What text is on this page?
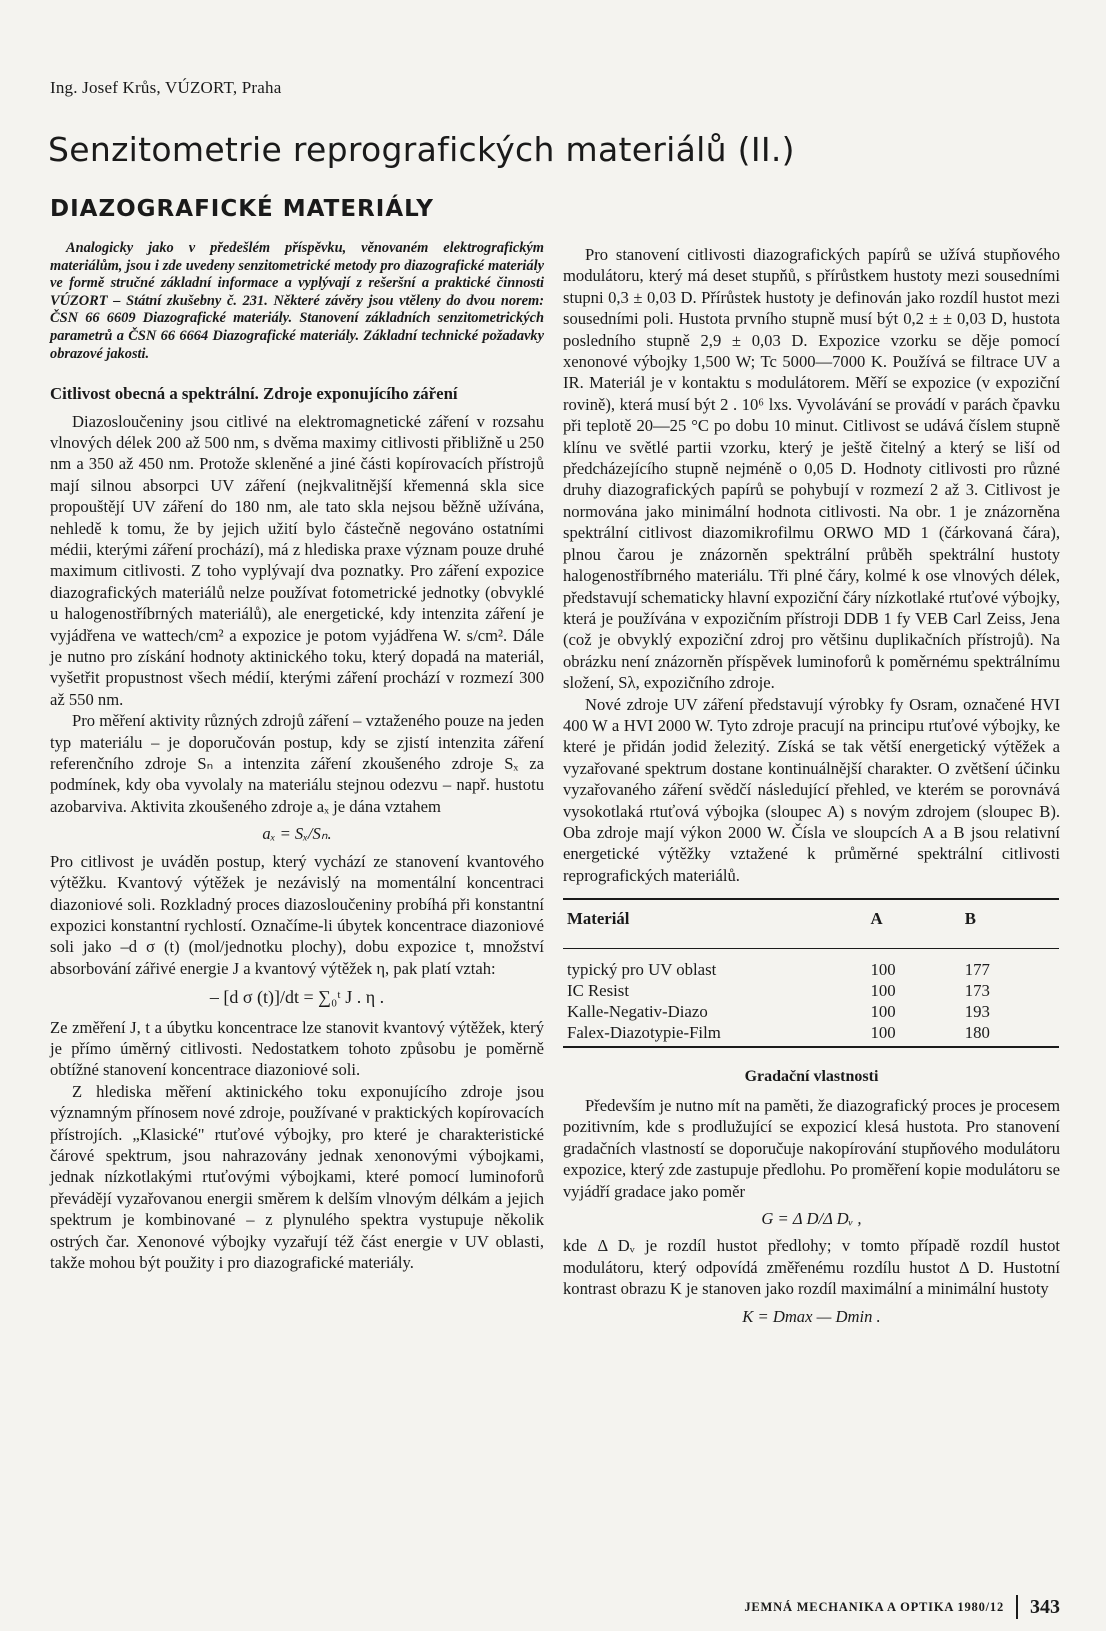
Ing. Josef Krůs, VÚZORT, Praha
Senzitometrie reprografických materiálů (II.)
DIAZOGRAFICKÉ MATERIÁLY

Analogicky jako v předešlém příspěvku, věnovaném elektrografickým materiálům, jsou i zde uvedeny senzitometrické metody pro diazografické materiály ve formě stručné základní informace a vyplývají z rešeršní a praktické činnosti VÚZORT – Státní zkušebny č. 231. Některé závěry jsou vtěleny do dvou norem: ČSN 66 6609 Diazografické materiály. Stanovení základních senzitometrických parametrů a ČSN 66 6664 Diazografické materiály. Základní technické požadavky obrazové jakosti.

Citlivost obecná a spektrální. Zdroje exponujícího záření

Diazosloučeniny jsou citlivé na elektromagnetické záření v rozsahu vlnových délek 200 až 500 nm, s dvěma maximy citlivosti přibližně u 250 nm a 350 až 450 nm. Protože skleněné a jiné části kopírovacích přístrojů mají silnou absorpci UV záření (nejkvalitnější křemenná skla sice propouštějí UV záření do 180 nm, ale tato skla nejsou běžně užívána, nehledě k tomu, že by jejich užití bylo částečně negováno ostatními médii, kterými záření prochází), má z hlediska praxe význam pouze druhé maximum citlivosti. Z toho vyplývají dva poznatky. Pro záření expozice diazografických materiálů nelze používat fotometrické jednotky (obvyklé u halogenostříbrných materiálů), ale energetické, kdy intenzita záření je vyjádřena ve wattech/cm² a expozice je potom vyjádřena W. s/cm². Dále je nutno pro získání hodnoty aktinického toku, který dopadá na materiál, vyšetřit propustnost všech médií, kterými záření prochází v rozmezí 300 až 550 nm.

Pro měření aktivity různých zdrojů záření – vztaženého pouze na jeden typ materiálu – je doporučován postup, kdy se zjistí intenzita záření referenčního zdroje Sₙ a intenzita záření zkoušeného zdroje Sₓ za podmínek, kdy oba vyvolaly na materiálu stejnou odezvu – např. hustotu azobarviva. Aktivita zkoušeného zdroje aₓ je dána vztahem

aₓ = Sₓ/Sₙ.

Pro citlivost je uváděn postup, který vychází ze stanovení kvantového výtěžku. Kvantový výtěžek je nezávislý na momentální koncentraci diazoniové soli. Rozkladný proces diazosloučeniny probíhá při konstantní expozici konstantní rychlostí. Označíme-li úbytek koncentrace diazoniové soli jako –d σ (t) (mol/jednotku plochy), dobu expozice t, množství absorbování zářivé energie J a kvantový výtěžek η, pak platí vztah:

– [d σ (t)]/dt = ∑₀ᵗ J . η .

Ze změření J, t a úbytku koncentrace lze stanovit kvantový výtěžek, který je přímo úměrný citlivosti. Nedostatkem tohoto způsobu je poměrně obtížné stanovení koncentrace diazoniové soli.

Z hlediska měření aktinického toku exponujícího zdroje jsou významným přínosem nové zdroje, používané v praktických kopírovacích přístrojích. „Klasické" rtuťové výbojky, pro které je charakteristické čárové spektrum, jsou nahrazovány jednak xenonovými výbojkami, jednak nízkotlakými rtuťovými výbojkami, které pomocí luminoforů převádějí vyzařovanou energii směrem k delším vlnovým délkám a jejich spektrum je kombinované – z plynulého spektra vystupuje několik ostrých čar. Xenonové výbojky vyzařují též část energie v UV oblasti, takže mohou být použity i pro diazografické materiály.

Pro stanovení citlivosti diazografických papírů se užívá stupňového modulátoru, který má deset stupňů, s přírůstkem hustoty mezi sousedními stupni 0,3 ± 0,03 D. Přírůstek hustoty je definován jako rozdíl hustot mezi sousedními poli. Hustota prvního stupně musí být 0,2 ± ± 0,03 D, hustota posledního stupně 2,9 ± 0,03 D. Expozice vzorku se děje pomocí xenonové výbojky 1,500 W; Tc 5000—7000 K. Používá se filtrace UV a IR. Materiál je v kontaktu s modulátorem. Měří se expozice (v expoziční rovině), která musí být 2 . 10⁶ lxs. Vyvolávání se provádí v parách čpavku při teplotě 20—25 °C po dobu 10 minut. Citlivost se udává číslem stupně klínu ve světlé partii vzorku, který je ještě čitelný a který se liší od předcházejícího stupně nejméně o 0,05 D. Hodnoty citlivosti pro různé druhy diazografických papírů se pohybují v rozmezí 2 až 3. Citlivost je normována jako minimální hodnota citlivosti. Na obr. 1 je znázorněna spektrální citlivost diazomikrofilmu ORWO MD 1 (čárkovaná čára), plnou čarou je znázorněn spektrální průběh spektrální hustoty halogenostříbrného materiálu. Tři plné čáry, kolmé k ose vlnových délek, představují schematicky hlavní expoziční čáry nízkotlaké rtuťové výbojky, která je používána v expozičním přístroji DDB 1 fy VEB Carl Zeiss, Jena (což je obvyklý expoziční zdroj pro většinu duplikačních přístrojů). Na obrázku není znázorněn příspěvek luminoforů k poměrnému spektrálnímu složení, Sλ, expozičního zdroje.

Nové zdroje UV záření představují výrobky fy Osram, označené HVI 400 W a HVI 2000 W. Tyto zdroje pracují na principu rtuťové výbojky, ke které je přidán jodid železitý. Získá se tak větší energetický výtěžek a vyzařované spektrum dostane kontinuálnější charakter. O zvětšení účinku vyzařovaného záření svědčí následující přehled, ve kterém se porovnává vysokotlaká rtuťová výbojka (sloupec A) s novým zdrojem (sloupec B). Oba zdroje mají výkon 2000 W. Čísla ve sloupcích A a B jsou relativní energetické výtěžky vztažené k průměrné spektrální citlivosti reprografických materiálů.

Materiál	A	B
typický pro UV oblast	100	177
IC Resist	100	173
Kalle-Negativ-Diazo	100	193
Falex-Diazotypie-Film	100	180

Gradační vlastnosti

Především je nutno mít na paměti, že diazografický proces je procesem pozitivním, kde s prodlužující se expozicí klesá hustota. Pro stanovení gradačních vlastností se doporučuje nakopírování stupňového modulátoru expozice, který zde zastupuje předlohu. Po proměření kopie modulátoru se vyjádří gradace jako poměr

G = Δ D/Δ Dᵥ ,

kde Δ Dᵥ je rozdíl hustot předlohy; v tomto případě rozdíl hustot modulátoru, který odpovídá změřenému rozdílu hustot Δ D. Hustotní kontrast obrazu K je stanoven jako rozdíl maximální a minimální hustoty

K = Dmax — Dmin .

JEMNÁ MECHANIKA A OPTIKA 1980/12 343
